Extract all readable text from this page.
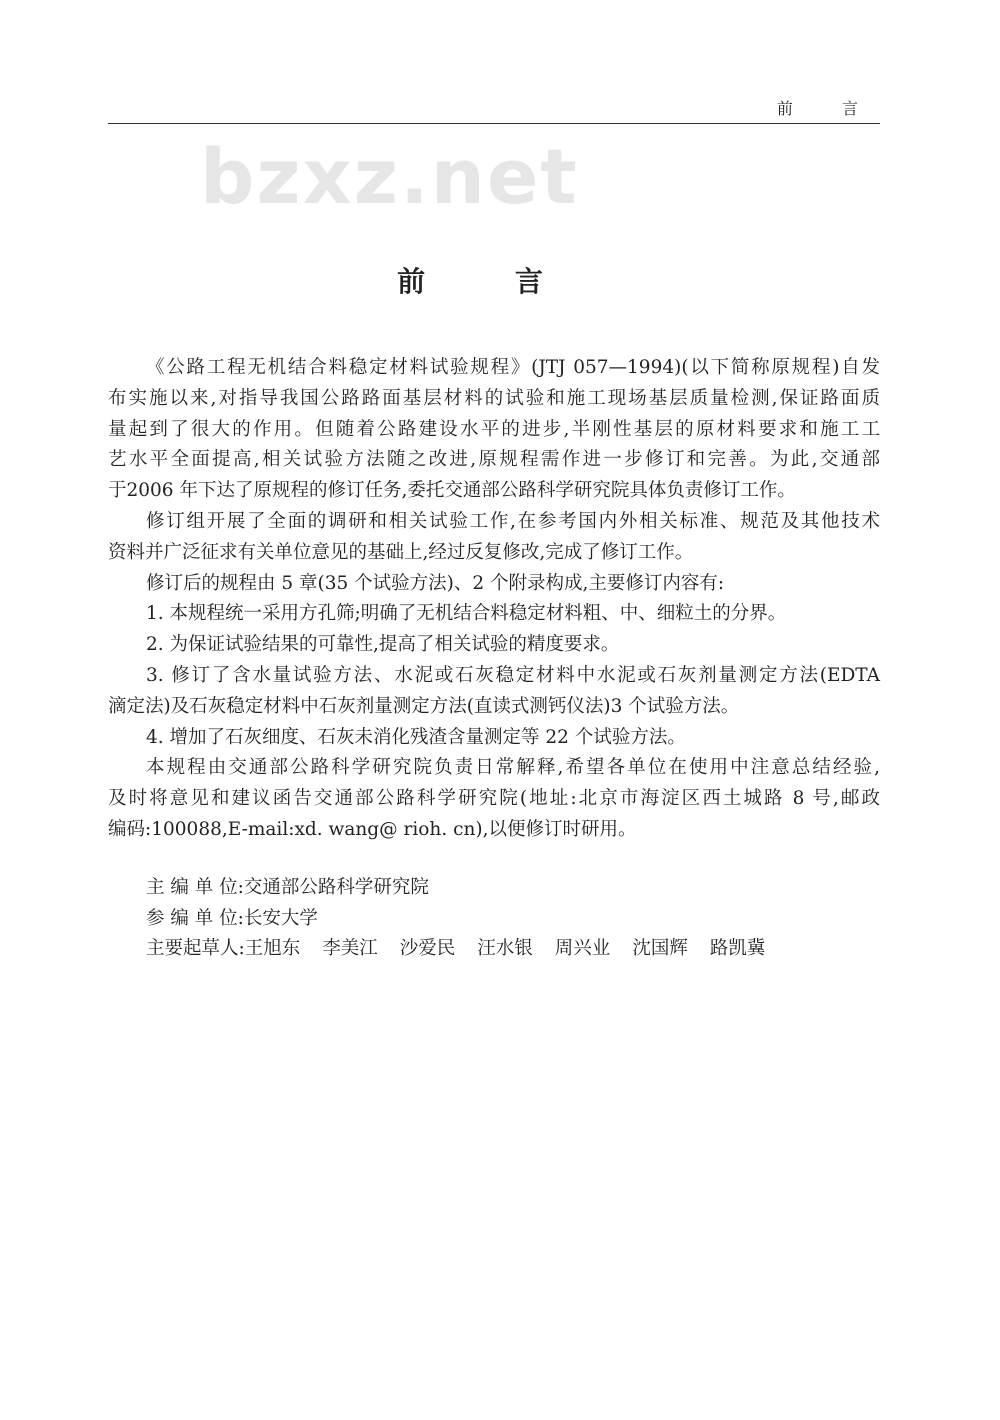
前 言
bzxz.net
前 言
《公路工程无机结合料稳定材料试验规程》(JTJ 057—1994)(以下简称原规程)自发
布实施以来,对指导我国公路路面基层材料的试验和施工现场基层质量检测,保证路面质
量起到了很大的作用。但随着公路建设水平的进步,半刚性基层的原材料要求和施工工
艺水平全面提高,相关试验方法随之改进,原规程需作进一步修订和完善。为此,交通部
于2006 年下达了原规程的修订任务,委托交通部公路科学研究院具体负责修订工作。
修订组开展了全面的调研和相关试验工作,在参考国内外相关标准、规范及其他技术
资料并广泛征求有关单位意见的基础上,经过反复修改,完成了修订工作。
修订后的规程由 5 章(35 个试验方法)、2 个附录构成,主要修订内容有:
1. 本规程统一采用方孔筛;明确了无机结合料稳定材料粗、中、细粒土的分界。
2. 为保证试验结果的可靠性,提高了相关试验的精度要求。
3. 修订了含水量试验方法、水泥或石灰稳定材料中水泥或石灰剂量测定方法(EDTA
滴定法)及石灰稳定材料中石灰剂量测定方法(直读式测钙仪法)3 个试验方法。
4. 增加了石灰细度、石灰未消化残渣含量测定等 22 个试验方法。
本规程由交通部公路科学研究院负责日常解释,希望各单位在使用中注意总结经验,
及时将意见和建议函告交通部公路科学研究院(地址:北京市海淀区西土城路 8 号,邮政
编码:100088,E-mail:xd. wang@ rioh. cn),以便修订时研用。
主 编 单 位:交通部公路科学研究院
参 编 单 位:长安大学
主要起草人:王旭东 李美江 沙爱民 汪水银 周兴业 沈国辉 路凯冀
